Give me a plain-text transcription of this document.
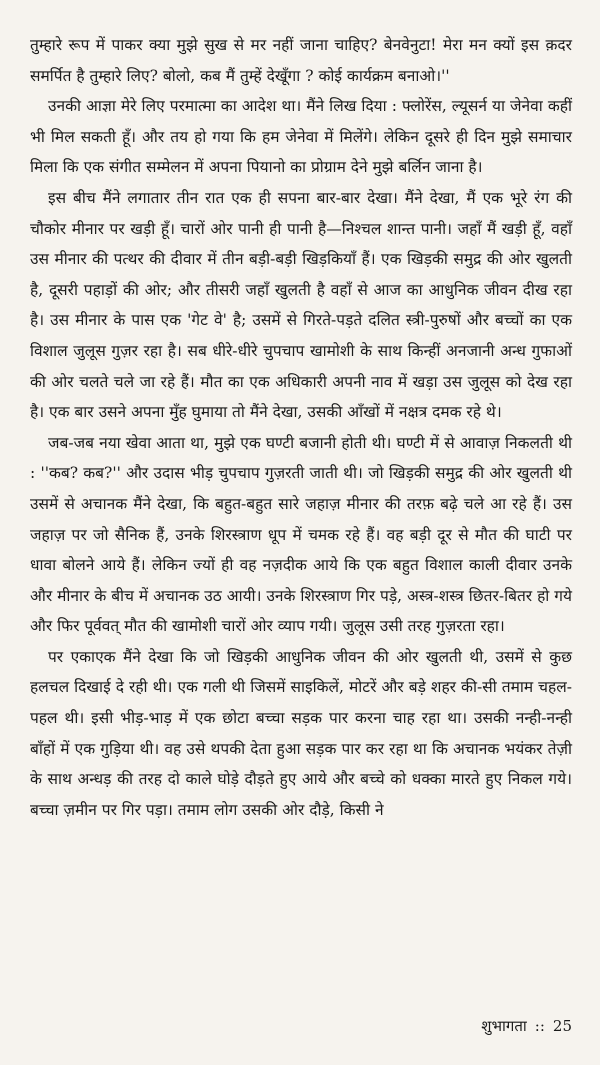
तुम्हारे रूप में पाकर क्या मुझे सुख से मर नहीं जाना चाहिए? बेनवेनुटा! मेरा मन क्यों इस क़दर समर्पित है तुम्हारे लिए? बोलो, कब मैं तुम्हें देखूँगा ? कोई कार्यक्रम बनाओ।''

उनकी आज्ञा मेरे लिए परमात्मा का आदेश था। मैंने लिख दिया : फ्लोरेंस, ल्यूसर्न या जेनेवा कहीं भी मिल सकती हूँ। और तय हो गया कि हम जेनेवा में मिलेंगे। लेकिन दूसरे ही दिन मुझे समाचार मिला कि एक संगीत सम्मेलन में अपना पियानो का प्रोग्राम देने मुझे बर्लिन जाना है।

इस बीच मैंने लगातार तीन रात एक ही सपना बार-बार देखा। मैंने देखा, मैं एक भूरे रंग की चौकोर मीनार पर खड़ी हूँ। चारों ओर पानी ही पानी है—निश्चल शान्त पानी। जहाँ मैं खड़ी हूँ, वहाँ उस मीनार की पत्थर की दीवार में तीन बड़ी-बड़ी खिड़कियाँ हैं। एक खिड़की समुद्र की ओर खुलती है, दूसरी पहाड़ों की ओर; और तीसरी जहाँ खुलती है वहाँ से आज का आधुनिक जीवन दीख रहा है। उस मीनार के पास एक 'गेट वे' है; उसमें से गिरते-पड़ते दलित स्त्री-पुरुषों और बच्चों का एक विशाल जुलूस गुज़र रहा है। सब धीरे-धीरे चुपचाप खामोशी के साथ किन्हीं अनजानी अन्ध गुफाओं की ओर चलते चले जा रहे हैं। मौत का एक अधिकारी अपनी नाव में खड़ा उस जुलूस को देख रहा है। एक बार उसने अपना मुँह घुमाया तो मैंने देखा, उसकी आँखों में नक्षत्र दमक रहे थे।

जब-जब नया खेवा आता था, मुझे एक घण्टी बजानी होती थी। घण्टी में से आवाज़ निकलती थी : ''कब? कब?'' और उदास भीड़ चुपचाप गुज़रती जाती थी। जो खिड़की समुद्र की ओर खुलती थी उसमें से अचानक मैंने देखा, कि बहुत-बहुत सारे जहाज़ मीनार की तरफ़ बढ़े चले आ रहे हैं। उस जहाज़ पर जो सैनिक हैं, उनके शिरस्त्राण धूप में चमक रहे हैं। वह बड़ी दूर से मौत की घाटी पर धावा बोलने आये हैं। लेकिन ज्यों ही वह नज़दीक आये कि एक बहुत विशाल काली दीवार उनके और मीनार के बीच में अचानक उठ आयी। उनके शिरस्त्राण गिर पड़े, अस्त्र-शस्त्र छितर-बितर हो गये और फिर पूर्ववत् मौत की खामोशी चारों ओर व्याप गयी। जुलूस उसी तरह गुज़रता रहा।

पर एकाएक मैंने देखा कि जो खिड़की आधुनिक जीवन की ओर खुलती थी, उसमें से कुछ हलचल दिखाई दे रही थी। एक गली थी जिसमें साइकिलें, मोटरें और बड़े शहर की-सी तमाम चहल-पहल थी। इसी भीड़-भाड़ में एक छोटा बच्चा सड़क पार करना चाह रहा था। उसकी नन्ही-नन्ही बाँहों में एक गुड़िया थी। वह उसे थपकी देता हुआ सड़क पार कर रहा था कि अचानक भयंकर तेज़ी के साथ अन्धड़ की तरह दो काले घोड़े दौड़ते हुए आये और बच्चे को धक्का मारते हुए निकल गये। बच्चा ज़मीन पर गिर पड़ा। तमाम लोग उसकी ओर दौड़े, किसी ने

शुभागता :: 25
